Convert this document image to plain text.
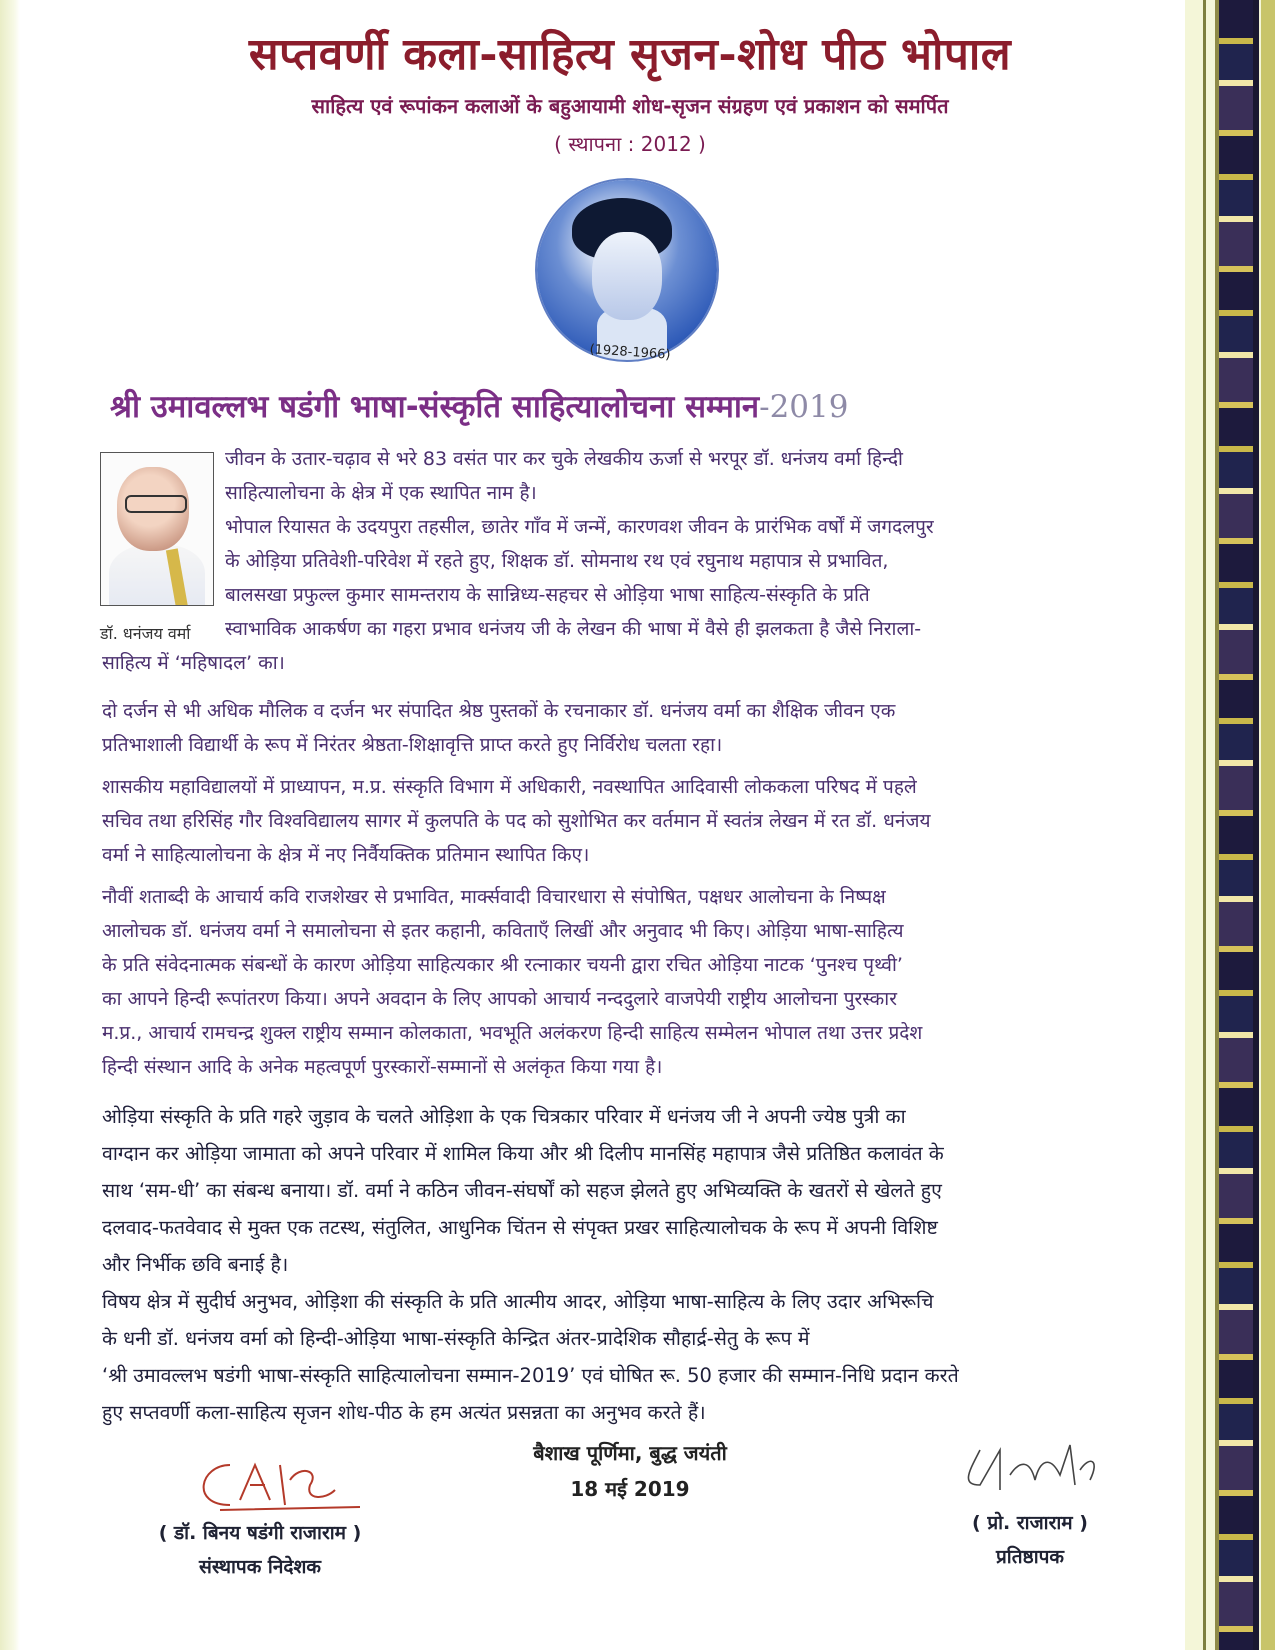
सप्तवर्णी कला-साहित्य सृजन-शोध पीठ भोपाल
साहित्य एवं रूपांकन कलाओं के बहुआयामी शोध-सृजन संग्रहण एवं प्रकाशन को समर्पित
( स्थापना : 2012 )
(1928-1966)
श्री उमावल्लभ षडंगी भाषा-संस्कृति साहित्यालोचना सम्मान-2019
डॉ. धनंजय वर्मा
जीवन के उतार-चढ़ाव से भरे 83 वसंत पार कर चुके लेखकीय ऊर्जा से भरपूर डॉ. धनंजय वर्मा हिन्दी
साहित्यालोचना के क्षेत्र में एक स्थापित नाम है।
भोपाल रियासत के उदयपुरा तहसील, छातेर गाँव में जन्में, कारणवश जीवन के प्रारंभिक वर्षों में जगदलपुर
के ओड़िया प्रतिवेशी-परिवेश में रहते हुए, शिक्षक डॉ. सोमनाथ रथ एवं रघुनाथ महापात्र से प्रभावित,
बालसखा प्रफुल्ल कुमार सामन्तराय के सान्निध्य-सहचर से ओड़िया भाषा साहित्य-संस्कृति के प्रति
स्वाभाविक आकर्षण का गहरा प्रभाव धनंजय जी के लेखन की भाषा में वैसे ही झलकता है जैसे निराला-
साहित्य में ‘महिषादल’ का।
दो दर्जन से भी अधिक मौलिक व दर्जन भर संपादित श्रेष्ठ पुस्तकों के रचनाकार डॉ. धनंजय वर्मा का शैक्षिक जीवन एक
प्रतिभाशाली विद्यार्थी के रूप में निरंतर श्रेष्ठता-शिक्षावृत्ति प्राप्त करते हुए निर्विरोध चलता रहा।
शासकीय महाविद्यालयों में प्राध्यापन, म.प्र. संस्कृति विभाग में अधिकारी, नवस्थापित आदिवासी लोककला परिषद में पहले
सचिव तथा हरिसिंह गौर विश्वविद्यालय सागर में कुलपति के पद को सुशोभित कर वर्तमान में स्वतंत्र लेखन में रत डॉ. धनंजय
वर्मा ने साहित्यालोचना के क्षेत्र में नए निर्वैयक्तिक प्रतिमान स्थापित किए।
नौवीं शताब्दी के आचार्य कवि राजशेखर से प्रभावित, मार्क्सवादी विचारधारा से संपोषित, पक्षधर आलोचना के निष्पक्ष
आलोचक डॉ. धनंजय वर्मा ने समालोचना से इतर कहानी, कविताएँ लिखीं और अनुवाद भी किए। ओड़िया भाषा-साहित्य
के प्रति संवेदनात्मक संबन्धों के कारण ओड़िया साहित्यकार श्री रत्नाकार चयनी द्वारा रचित ओड़िया नाटक ‘पुनश्च पृथ्वी’
का आपने हिन्दी रूपांतरण किया। अपने अवदान के लिए आपको आचार्य नन्ददुलारे वाजपेयी राष्ट्रीय आलोचना पुरस्कार
म.प्र., आचार्य रामचन्द्र शुक्ल राष्ट्रीय सम्मान कोलकाता, भवभूति अलंकरण हिन्दी साहित्य सम्मेलन भोपाल तथा उत्तर प्रदेश
हिन्दी संस्थान आदि के अनेक महत्वपूर्ण पुरस्कारों-सम्मानों से अलंकृत किया गया है।
ओड़िया संस्कृति के प्रति गहरे जुड़ाव के चलते ओड़िशा के एक चित्रकार परिवार में धनंजय जी ने अपनी ज्येष्ठ पुत्री का
वाग्दान कर ओड़िया जामाता को अपने परिवार में शामिल किया और श्री दिलीप मानसिंह महापात्र जैसे प्रतिष्ठित कलावंत के
साथ ‘सम-धी’ का संबन्ध बनाया। डॉ. वर्मा ने कठिन जीवन-संघर्षों को सहज झेलते हुए अभिव्यक्ति के खतरों से खेलते हुए
दलवाद-फतवेवाद से मुक्त एक तटस्थ, संतुलित, आधुनिक चिंतन से संपृक्त प्रखर साहित्यालोचक के रूप में अपनी विशिष्ट
और निर्भीक छवि बनाई है।
विषय क्षेत्र में सुदीर्घ अनुभव, ओड़िशा की संस्कृति के प्रति आत्मीय आदर, ओड़िया भाषा-साहित्य के लिए उदार अभिरूचि
के धनी डॉ. धनंजय वर्मा को हिन्दी-ओड़िया भाषा-संस्कृति केन्द्रित अंतर-प्रादेशिक सौहार्द्र-सेतु के रूप में
‘श्री उमावल्लभ षडंगी भाषा-संस्कृति साहित्यालोचना सम्मान-2019’ एवं घोषित रू. 50 हजार की सम्मान-निधि प्रदान करते
हुए सप्तवर्णी कला-साहित्य सृजन शोध-पीठ के हम अत्यंत प्रसन्नता का अनुभव करते हैं।
बैशाख पूर्णिमा, बुद्ध जयंती
18 मई 2019
( डॉ. बिनय षडंगी राजाराम )
संस्थापक निदेशक
( प्रो. राजाराम )
प्रतिष्ठापक
